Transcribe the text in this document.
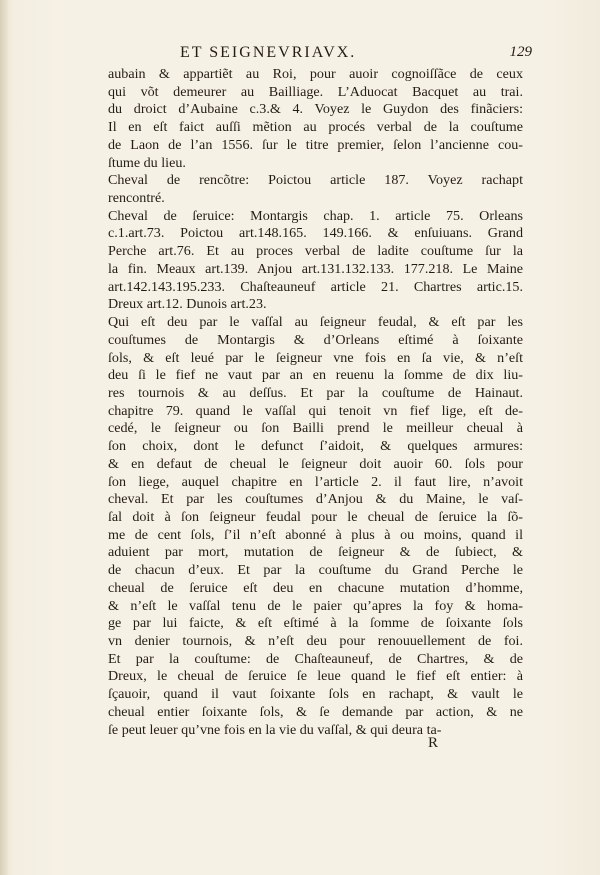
ET SEIGNEVRIAVX.	129
aubain & appartiẽt au Roi, pour auoir cognoiſſãce de ceux
qui võt demeurer au Bailliage. L’Aduocat Bacquet au trai.
du droict d’Aubaine c.3.& 4. Voyez le Guydon des finãciers:
Il en eſt faict auſſi mẽtion au procés verbal de la couſtume
de Laon de l’an 1556. ſur le titre premier, ſelon l’ancienne cou-
ſtume du lieu.
Cheval de rencõtre: Poictou article 187. Voyez rachapt
rencontré.
Cheval de ſeruice: Montargis chap. 1. article 75. Orleans
c.1.art.73. Poictou art.148.165. 149.166. & enſuiuans. Grand
Perche art.76. Et au proces verbal de ladite couſtume ſur la
la fin. Meaux art.139. Anjou art.131.132.133. 177.218. Le Maine
art.142.143.195.233. Chaſteauneuf article 21. Chartres artic.15.
Dreux art.12. Dunois art.23.
Qui eſt deu par le vaſſal au ſeigneur feudal, & eſt par les
couſtumes de Montargis & d’Orleans eſtimé à ſoixante
ſols, & eſt leué par le ſeigneur vne fois en ſa vie, & n’eſt
deu ſi le fief ne vaut par an en reuenu la ſomme de dix liu-
res tournois & au deſſus. Et par la couſtume de Hainaut.
chapitre 79. quand le vaſſal qui tenoit vn fief lige, eſt de-
cedé, le ſeigneur ou ſon Bailli prend le meilleur cheual à
ſon choix, dont le defunct ſ’aidoit, & quelques armures:
& en defaut de cheual le ſeigneur doit auoir 60. ſols pour
ſon liege, auquel chapitre en l’article 2. il faut lire, n’avoit
cheval. Et par les couſtumes d’Anjou & du Maine, le vaſ-
ſal doit à ſon ſeigneur feudal pour le cheual de ſeruice la ſõ-
me de cent ſols, ſ’il n’eſt abonné à plus à ou moins, quand il
aduient par mort, mutation de ſeigneur & de ſubiect, &
de chacun d’eux. Et par la couſtume du Grand Perche le
cheual de ſeruice eſt deu en chacune mutation d’homme,
& n’eſt le vaſſal tenu de le paier qu’apres la foy & homa-
ge par lui faicte, & eſt eſtimé à la ſomme de ſoixante ſols
vn denier tournois, & n’eſt deu pour renouuellement de foi.
Et par la couſtume: de Chaſteauneuf, de Chartres, & de
Dreux, le cheual de ſeruice ſe leue quand le fief eſt entier: à
ſçauoir, quand il vaut ſoixante ſols en rachapt, & vault le
cheual entier ſoixante ſols, & ſe demande par action, & ne
ſe peut leuer qu’vne fois en la vie du vaſſal, & qui deura ta-
R
